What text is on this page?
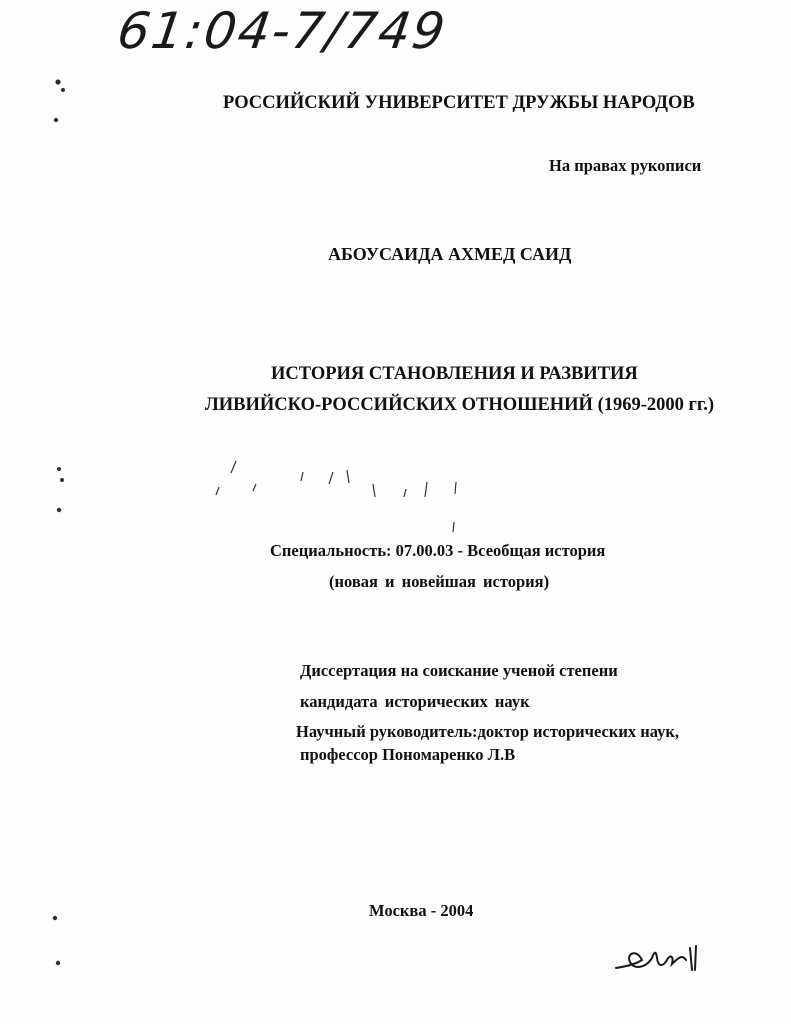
61:04-7/749
РОССИЙСКИЙ УНИВЕРСИТЕТ ДРУЖБЫ НАРОДОВ
На правах рукописи
АБОУСАИДА АХМЕД САИД
ИСТОРИЯ СТАНОВЛЕНИЯ И РАЗВИТИЯ
ЛИВИЙСКО-РОССИЙСКИХ ОТНОШЕНИЙ (1969-2000 гг.)
Специальность: 07.00.03 - Всеобщая история
(новая и новейшая история)
Диссертация на соискание ученой степени
кандидата исторических наук
Научный руководитель:доктор исторических наук,
профессор Пономаренко Л.В
Москва - 2004
